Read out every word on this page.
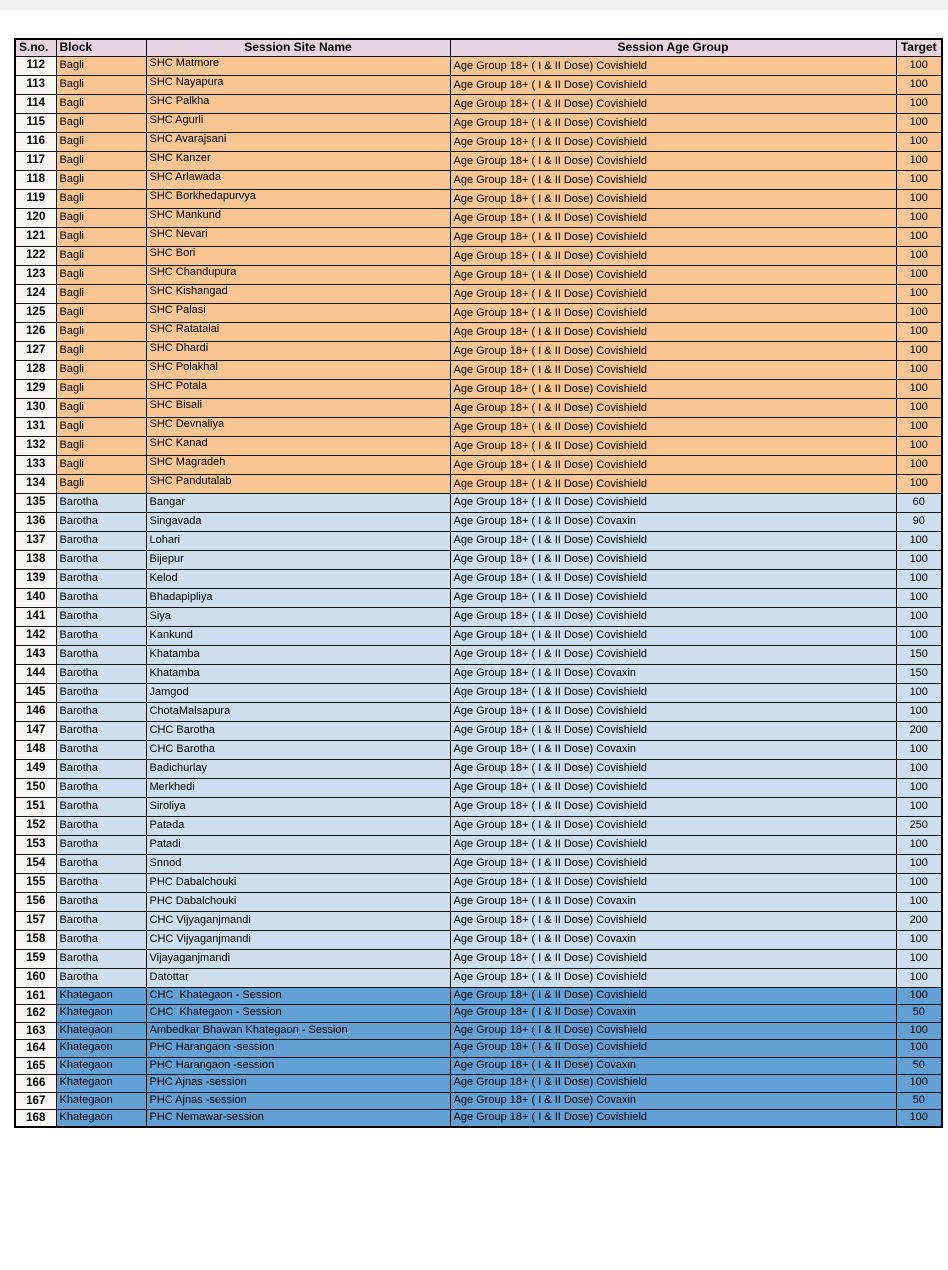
S.no.	Block	Session Site Name	Session Age Group	Target
112	Bagli	SHC Matmore	Age Group 18+ ( I & II Dose) Covishield	100
113	Bagli	SHC Nayapura	Age Group 18+ ( I & II Dose) Covishield	100
114	Bagli	SHC Palkha	Age Group 18+ ( I & II Dose) Covishield	100
115	Bagli	SHC Agurli	Age Group 18+ ( I & II Dose) Covishield	100
116	Bagli	SHC Avarajsani	Age Group 18+ ( I & II Dose) Covishield	100
117	Bagli	SHC Kanzer	Age Group 18+ ( I & II Dose) Covishield	100
118	Bagli	SHC Arlawada	Age Group 18+ ( I & II Dose) Covishield	100
119	Bagli	SHC Borkhedapurvya	Age Group 18+ ( I & II Dose) Covishield	100
120	Bagli	SHC Mankund	Age Group 18+ ( I & II Dose) Covishield	100
121	Bagli	SHC Nevari	Age Group 18+ ( I & II Dose) Covishield	100
122	Bagli	SHC Bori	Age Group 18+ ( I & II Dose) Covishield	100
123	Bagli	SHC Chandupura	Age Group 18+ ( I & II Dose) Covishield	100
124	Bagli	SHC Kishangad	Age Group 18+ ( I & II Dose) Covishield	100
125	Bagli	SHC Palasi	Age Group 18+ ( I & II Dose) Covishield	100
126	Bagli	SHC Ratatalai	Age Group 18+ ( I & II Dose) Covishield	100
127	Bagli	SHC Dhardi	Age Group 18+ ( I & II Dose) Covishield	100
128	Bagli	SHC Polakhal	Age Group 18+ ( I & II Dose) Covishield	100
129	Bagli	SHC Potala	Age Group 18+ ( I & II Dose) Covishield	100
130	Bagli	SHC Bisali	Age Group 18+ ( I & II Dose) Covishield	100
131	Bagli	SHC Devnaliya	Age Group 18+ ( I & II Dose) Covishield	100
132	Bagli	SHC Kanad	Age Group 18+ ( I & II Dose) Covishield	100
133	Bagli	SHC Magradeh	Age Group 18+ ( I & II Dose) Covishield	100
134	Bagli	SHC Pandutalab	Age Group 18+ ( I & II Dose) Covishield	100
135	Barotha	Bangar	Age Group 18+ ( I & II Dose) Covishield	60
136	Barotha	Singavada	Age Group 18+ ( I & II Dose) Covaxin	90
137	Barotha	Lohari	Age Group 18+ ( I & II Dose) Covishield	100
138	Barotha	Bijepur	Age Group 18+ ( I & II Dose) Covishield	100
139	Barotha	Kelod	Age Group 18+ ( I & II Dose) Covishield	100
140	Barotha	Bhadapipliya	Age Group 18+ ( I & II Dose) Covishield	100
141	Barotha	Siya	Age Group 18+ ( I & II Dose) Covishield	100
142	Barotha	Kankund	Age Group 18+ ( I & II Dose) Covishield	100
143	Barotha	Khatamba	Age Group 18+ ( I & II Dose) Covishield	150
144	Barotha	Khatamba	Age Group 18+ ( I & II Dose) Covaxin	150
145	Barotha	Jamgod	Age Group 18+ ( I & II Dose) Covishield	100
146	Barotha	ChotaMalsapura	Age Group 18+ ( I & II Dose) Covishield	100
147	Barotha	CHC Barotha	Age Group 18+ ( I & II Dose) Covishield	200
148	Barotha	CHC Barotha	Age Group 18+ ( I & II Dose) Covaxin	100
149	Barotha	Badichurlay	Age Group 18+ ( I & II Dose) Covishield	100
150	Barotha	Merkhedi	Age Group 18+ ( I & II Dose) Covishield	100
151	Barotha	Siroliya	Age Group 18+ ( I & II Dose) Covishield	100
152	Barotha	Patada	Age Group 18+ ( I & II Dose) Covishield	250
153	Barotha	Patadi	Age Group 18+ ( I & II Dose) Covishield	100
154	Barotha	Snnod	Age Group 18+ ( I & II Dose) Covishield	100
155	Barotha	PHC Dabalchouki	Age Group 18+ ( I & II Dose) Covishield	100
156	Barotha	PHC Dabalchouki	Age Group 18+ ( I & II Dose) Covaxin	100
157	Barotha	CHC Vijyaganjmandi	Age Group 18+ ( I & II Dose) Covishield	200
158	Barotha	CHC Vijyaganjmandi	Age Group 18+ ( I & II Dose) Covaxin	100
159	Barotha	Vijayaganjmandi	Age Group 18+ ( I & II Dose) Covishield	100
160	Barotha	Datottar	Age Group 18+ ( I & II Dose) Covishield	100
161	Khategaon	CHC  Khategaon - Session	Age Group 18+ ( I & II Dose) Covishield	100
162	Khategaon	CHC  Khategaon - Session	Age Group 18+ ( I & II Dose) Covaxin	50
163	Khategaon	Ambedkar Bhawan Khategaon - Session	Age Group 18+ ( I & II Dose) Covishield	100
164	Khategaon	PHC Harangaon -session	Age Group 18+ ( I & II Dose) Covishield	100
165	Khategaon	PHC Harangaon -session	Age Group 18+ ( I & II Dose) Covaxin	50
166	Khategaon	PHC Ajnas -session	Age Group 18+ ( I & II Dose) Covishield	100
167	Khategaon	PHC Ajnas -session	Age Group 18+ ( I & II Dose) Covaxin	50
168	Khategaon	PHC Nemawar-session	Age Group 18+ ( I & II Dose) Covishield	100
